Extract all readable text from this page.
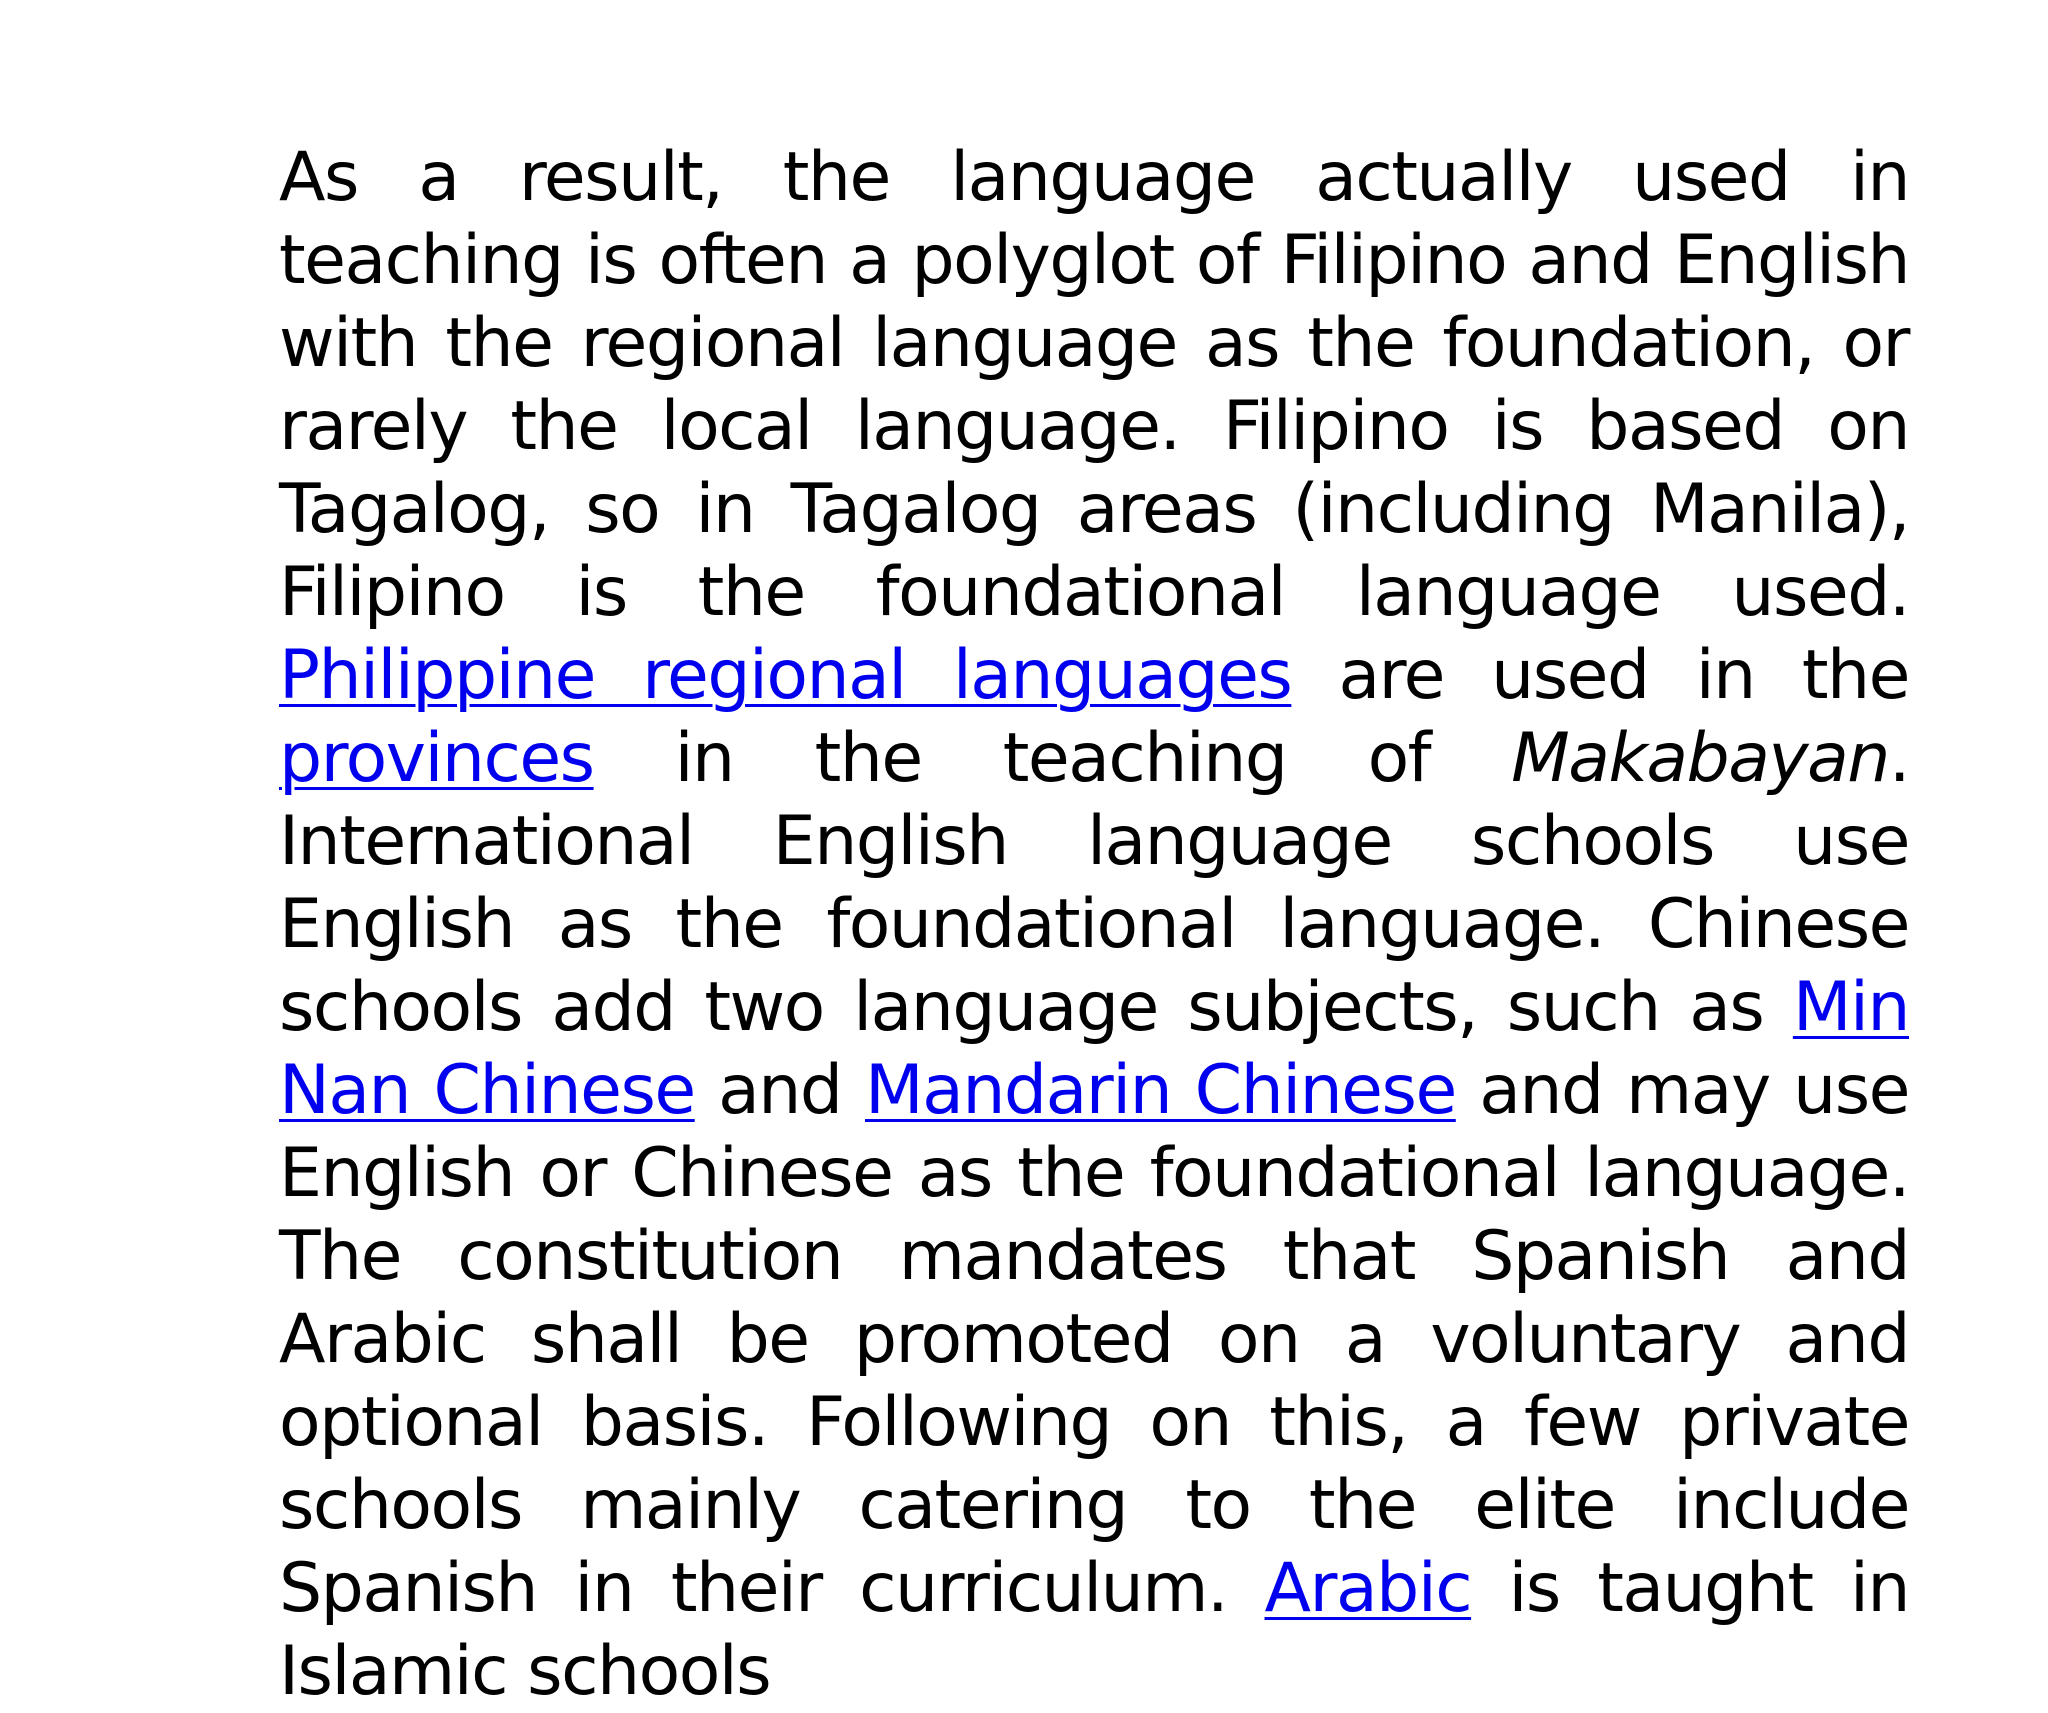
As a result, the language actually used in teaching is often a polyglot of Filipino and English with the regional language as the foundation, or rarely the local language. Filipino is based on Tagalog, so in Tagalog areas (including Manila), Filipino is the foundational language used. Philippine regional languages are used in the provinces in the teaching of Makabayan. International English language schools use English as the foundational language. Chinese schools add two language subjects, such as Min Nan Chinese and Mandarin Chinese and may use English or Chinese as the foundational language. The constitution mandates that Spanish and Arabic shall be promoted on a voluntary and optional basis. Following on this, a few private schools mainly catering to the elite include Spanish in their curriculum. Arabic is taught in Islamic schools
